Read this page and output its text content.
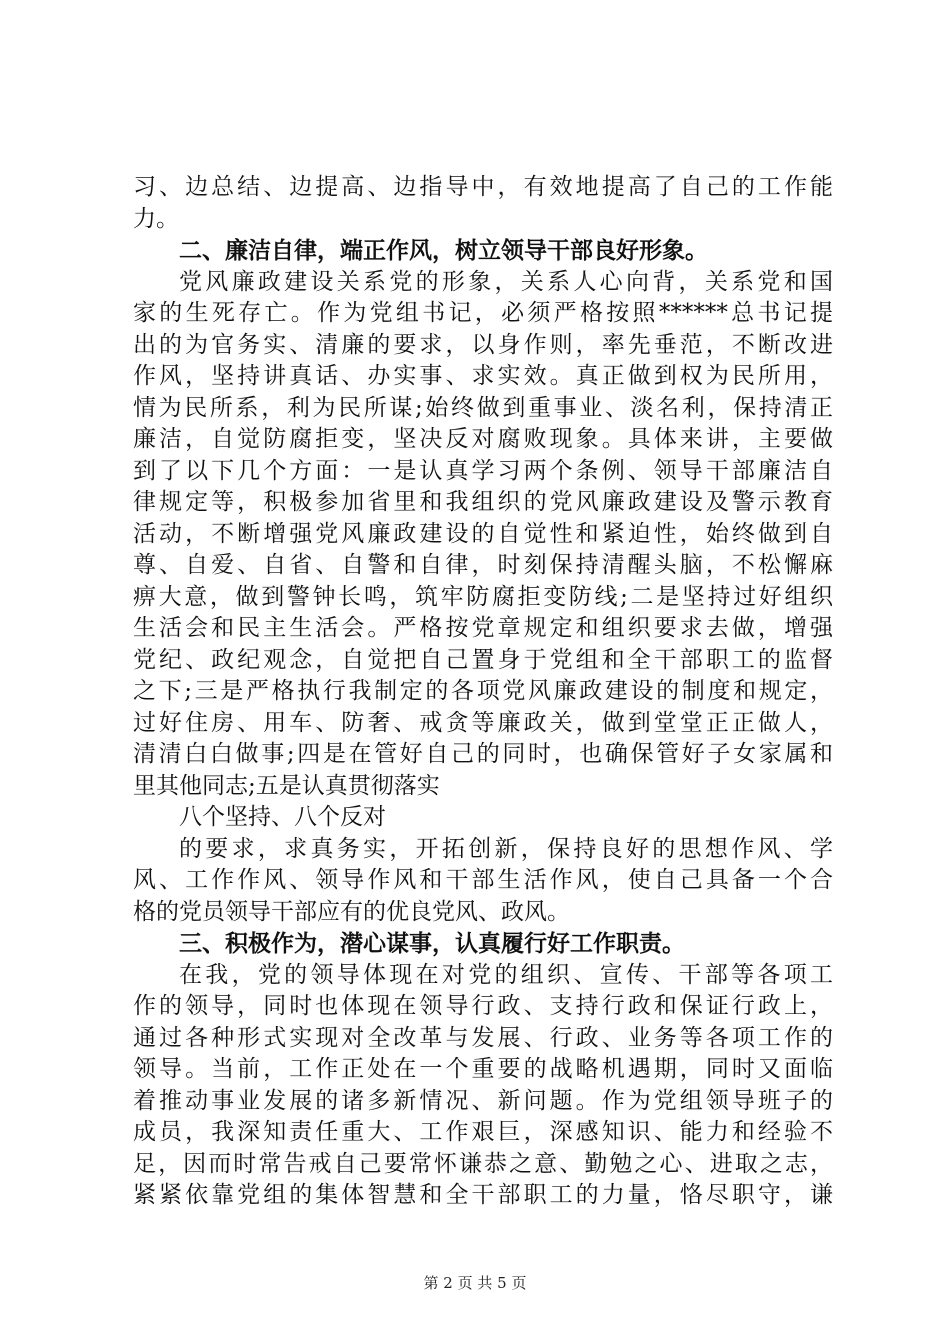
习、边总结、边提高、边指导中，有效地提高了自己的工作能
力。
二、廉洁自律，端正作风，树立领导干部良好形象。
党风廉政建设关系党的形象，关系人心向背，关系党和国
家的生死存亡。作为党组书记，必须严格按照******总书记提
出的为官务实、清廉的要求，以身作则，率先垂范，不断改进
作风，坚持讲真话、办实事、求实效。真正做到权为民所用，
情为民所系，利为民所谋;始终做到重事业、淡名利，保持清正
廉洁，自觉防腐拒变，坚决反对腐败现象。具体来讲，主要做
到了以下几个方面：一是认真学习两个条例、领导干部廉洁自
律规定等，积极参加省里和我组织的党风廉政建设及警示教育
活动，不断增强党风廉政建设的自觉性和紧迫性，始终做到自
尊、自爱、自省、自警和自律，时刻保持清醒头脑，不松懈麻
痹大意，做到警钟长鸣，筑牢防腐拒变防线;二是坚持过好组织
生活会和民主生活会。严格按党章规定和组织要求去做，增强
党纪、政纪观念，自觉把自己置身于党组和全干部职工的监督
之下;三是严格执行我制定的各项党风廉政建设的制度和规定，
过好住房、用车、防奢、戒贪等廉政关，做到堂堂正正做人，
清清白白做事;四是在管好自己的同时，也确保管好子女家属和
里其他同志;五是认真贯彻落实
八个坚持、八个反对
的要求，求真务实，开拓创新，保持良好的思想作风、学
风、工作作风、领导作风和干部生活作风，使自己具备一个合
格的党员领导干部应有的优良党风、政风。
三、积极作为，潜心谋事，认真履行好工作职责。
在我，党的领导体现在对党的组织、宣传、干部等各项工
作的领导，同时也体现在领导行政、支持行政和保证行政上，
通过各种形式实现对全改革与发展、行政、业务等各项工作的
领导。当前，工作正处在一个重要的战略机遇期，同时又面临
着推动事业发展的诸多新情况、新问题。作为党组领导班子的
成员，我深知责任重大、工作艰巨，深感知识、能力和经验不
足，因而时常告戒自己要常怀谦恭之意、勤勉之心、进取之志，
紧紧依靠党组的集体智慧和全干部职工的力量，恪尽职守，谦
第 2 页 共 5 页
